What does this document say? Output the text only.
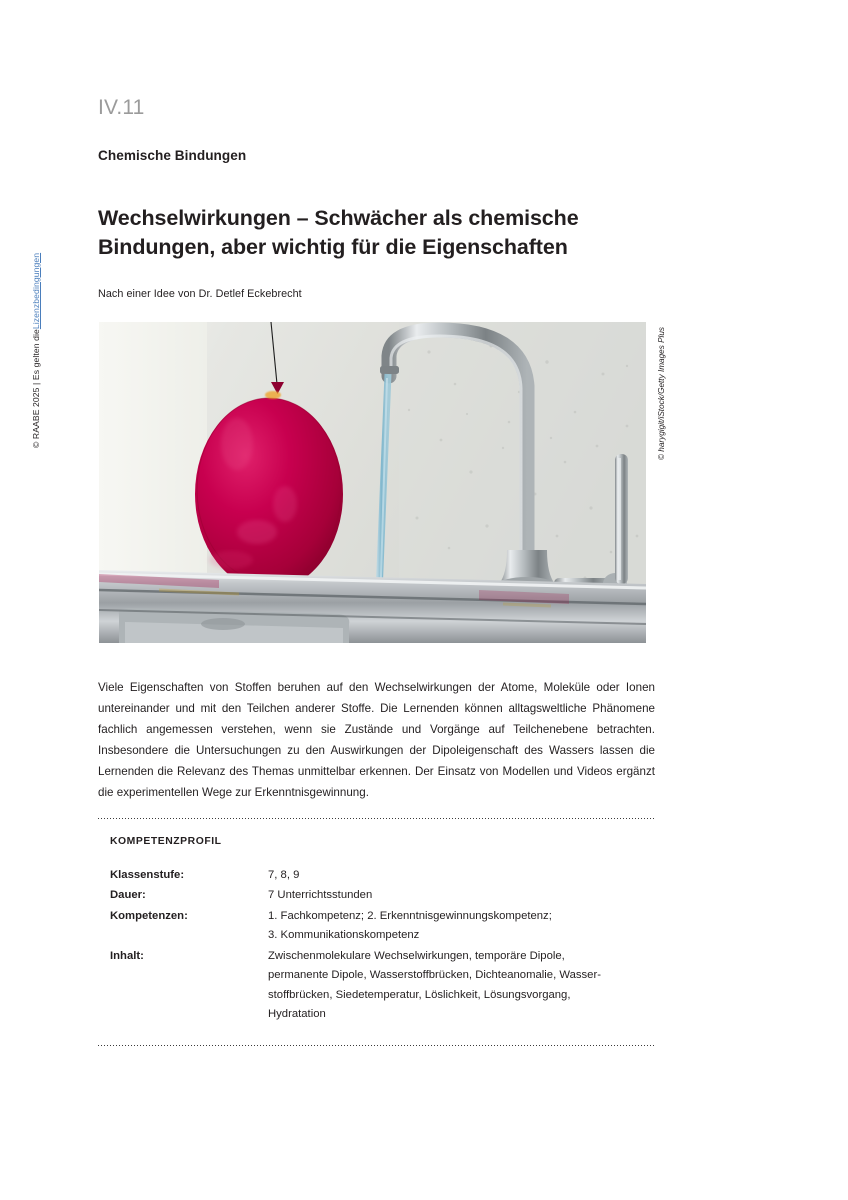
© RAABE 2025 | Es gelten die
Lizenzbedingungen
IV.11
Chemische Bindungen
Wechselwirkungen – Schwächer als chemische
Bindungen, aber wichtig für die Eigenschaften
Nach einer Idee von Dr. Detlef Eckebrecht
© harygigit/iStock/Getty Images Plus

Viele Eigenschaften von Stoffen beruhen auf den Wechselwirkungen der Atome, Moleküle oder Ionen untereinander und mit den Teilchen anderer Stoffe. Die Lernenden können alltagsweltliche Phänomene fachlich angemessen verstehen, wenn sie Zustände und Vorgänge auf Teilchenebene betrachten. Insbesondere die Untersuchungen zu den Auswirkungen der Dipoleigenschaft des Wassers lassen die Lernenden die Relevanz des Themas unmittelbar erkennen. Der Einsatz von Modellen und Videos ergänzt die experimentellen Wege zur Erkenntnisgewinnung.

KOMPETENZPROFIL
Klassenstufe:	7, 8, 9

Dauer:	7 Unterrichtsstunden

Kompetenzen:	1. Fachkompetenz; 2. Erkenntnisgewinnungskompetenz;
3. Kommunikationskompetenz

Inhalt:	Zwischenmolekulare Wechselwirkungen, temporäre Dipole,
permanente Dipole, Wasserstoffbrücken, Dichteanomalie, Wasser-
stoffbrücken, Siedetemperatur, Löslichkeit, Lösungsvorgang,
Hydratation
